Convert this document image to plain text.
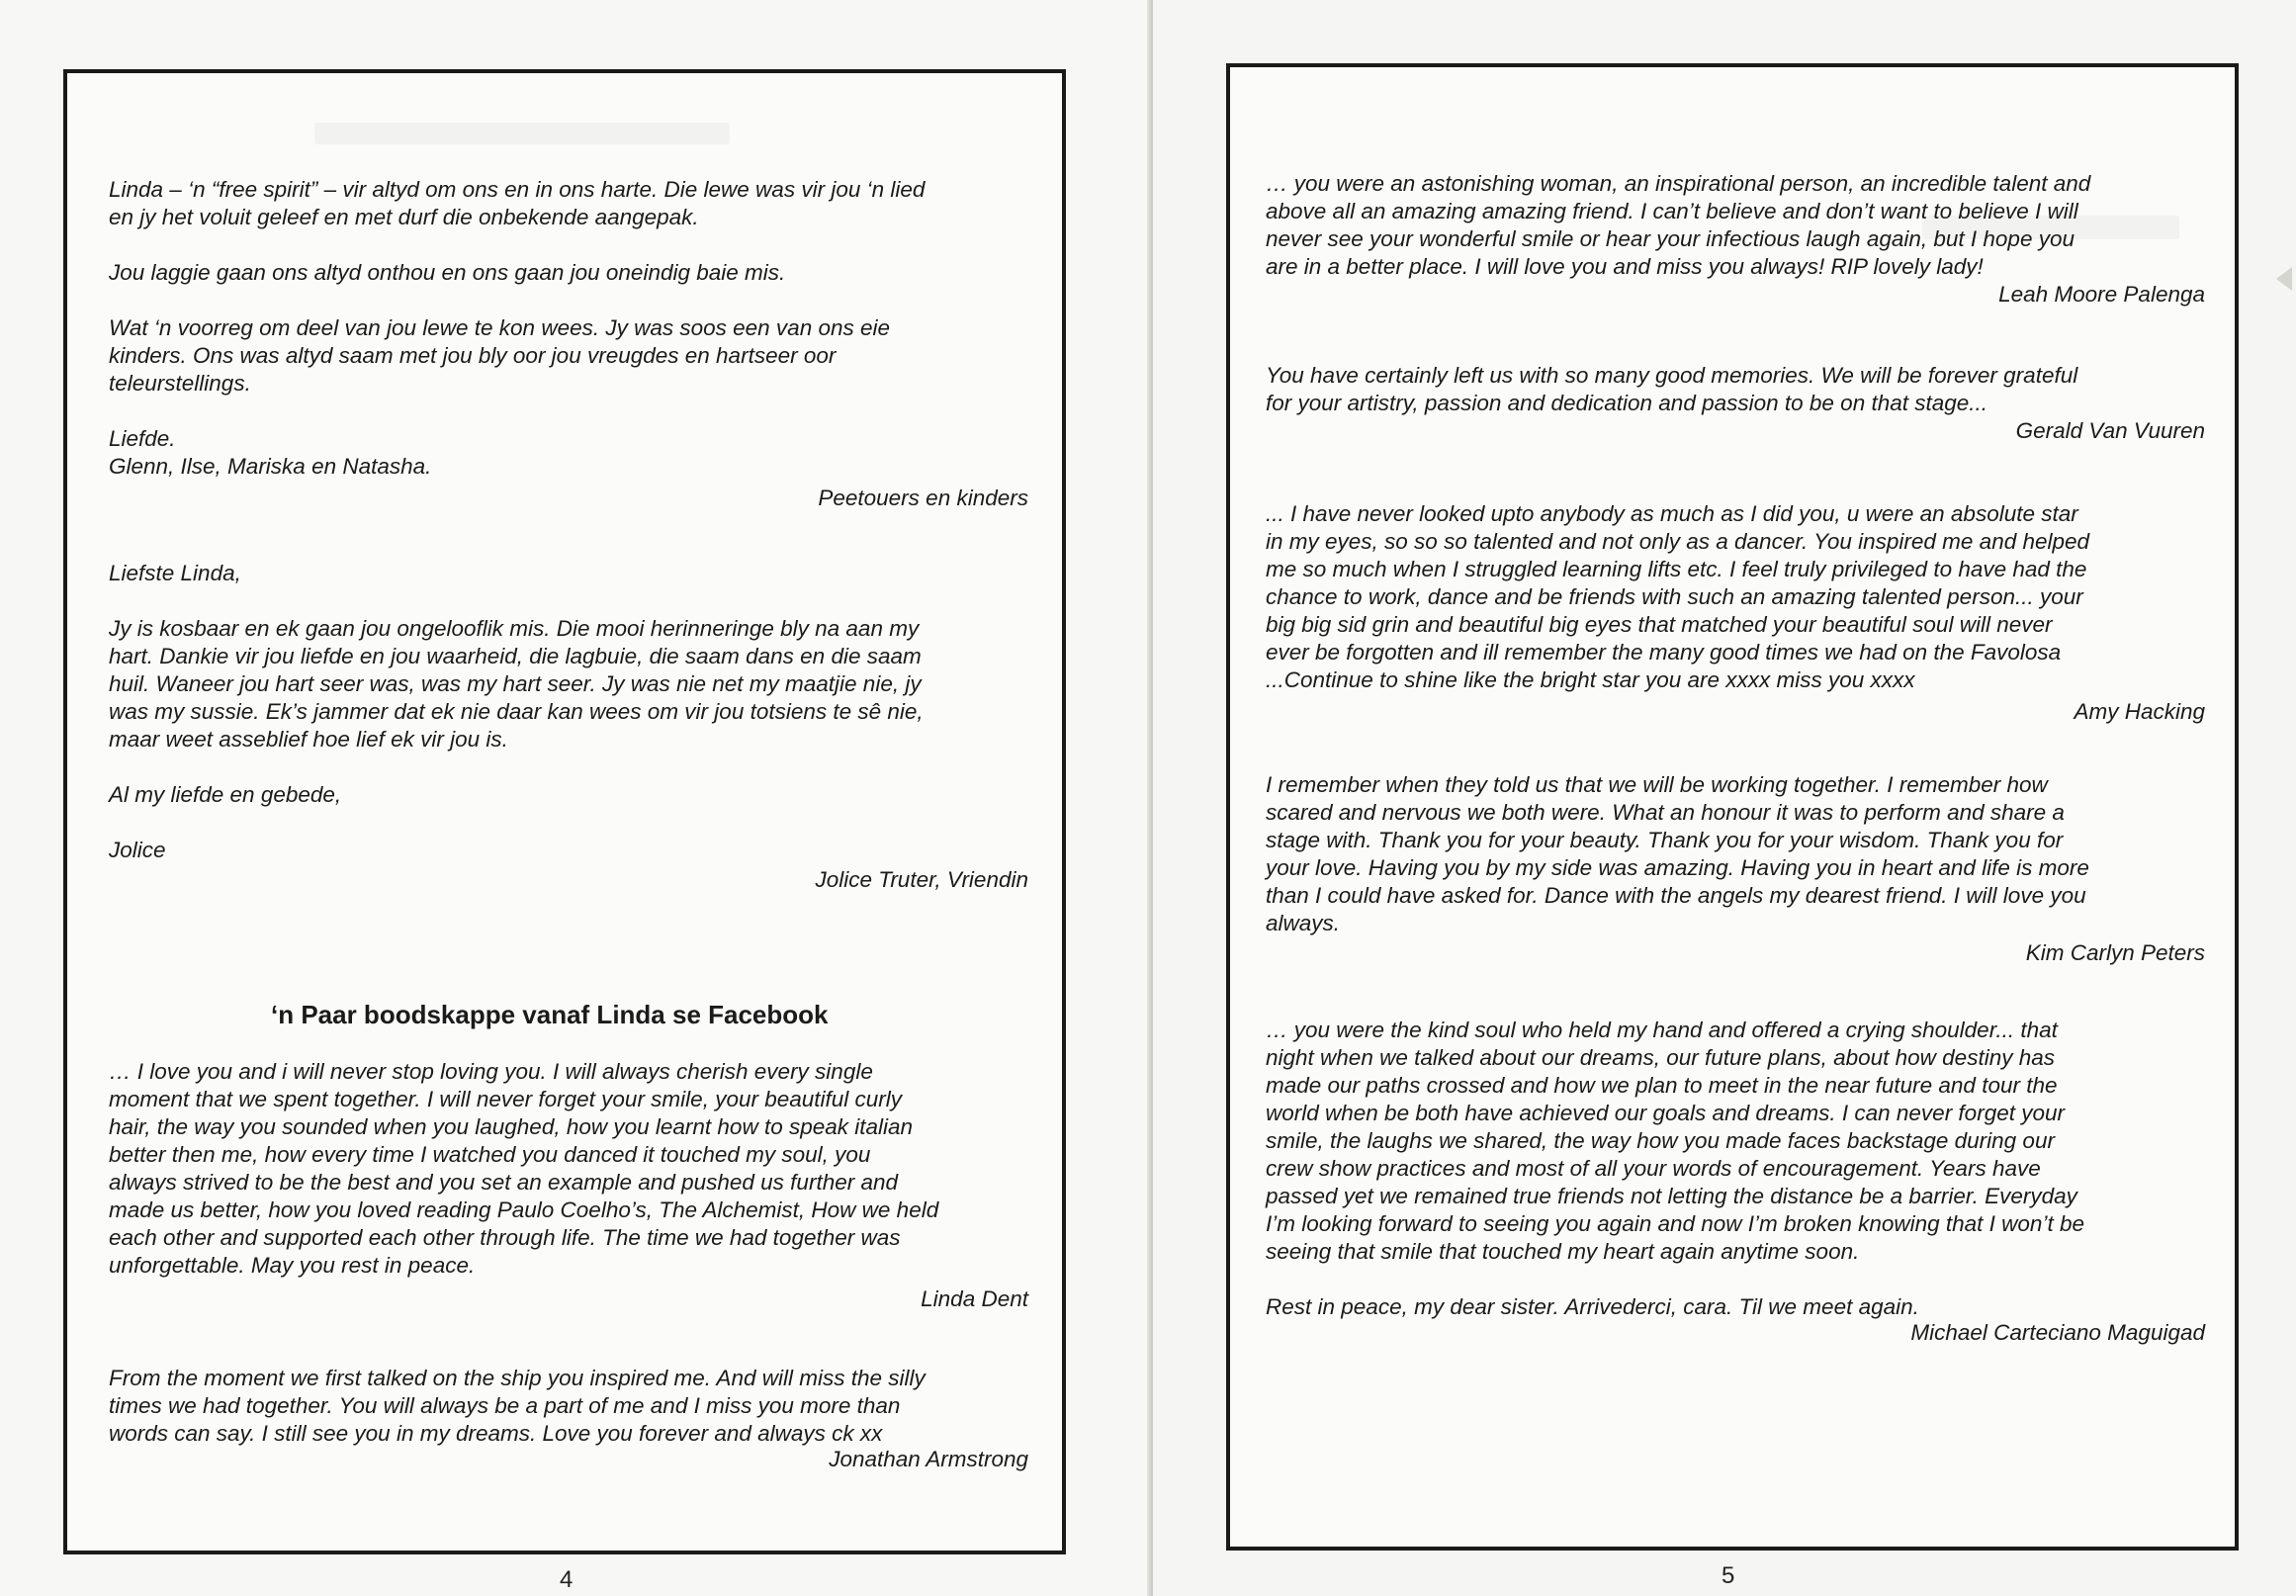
Linda – ‘n “free spirit” – vir altyd om ons en in ons harte. Die lewe was vir jou ‘n lied
en jy het voluit geleef en met durf die onbekende aangepak.

Jou laggie gaan ons altyd onthou en ons gaan jou oneindig baie mis.

Wat ‘n voorreg om deel van jou lewe te kon wees. Jy was soos een van ons eie
kinders. Ons was altyd saam met jou bly oor jou vreugdes en hartseer oor
teleurstellings.

Liefde.
Glenn, Ilse, Mariska en Natasha.

Peetouers en kinders

Liefste Linda,

Jy is kosbaar en ek gaan jou ongelooflik mis. Die mooi herinneringe bly na aan my
hart. Dankie vir jou liefde en jou waarheid, die lagbuie, die saam dans en die saam
huil. Waneer jou hart seer was, was my hart seer. Jy was nie net my maatjie nie, jy
was my sussie. Ek’s jammer dat ek nie daar kan wees om vir jou totsiens te sê nie,
maar weet asseblief hoe lief ek vir jou is.

Al my liefde en gebede,

Jolice

Jolice Truter, Vriendin

‘n Paar boodskappe vanaf Linda se Facebook

… I love you and i will never stop loving you. I will always cherish every single
moment that we spent together. I will never forget your smile, your beautiful curly
hair, the way you sounded when you laughed, how you learnt how to speak italian
better then me, how every time I watched you danced it touched my soul, you
always strived to be the best and you set an example and pushed us further and
made us better, how you loved reading Paulo Coelho’s, The Alchemist, How we held
each other and supported each other through life. The time we had together was
unforgettable. May you rest in peace.

Linda Dent

From the moment we first talked on the ship you inspired me. And will miss the silly
times we had together. You will always be a part of me and I miss you more than
words can say. I still see you in my dreams. Love you forever and always ck xx

Jonathan Armstrong

4

… you were an astonishing woman, an inspirational person, an incredible talent and
above all an amazing amazing friend. I can’t believe and don’t want to believe I will
never see your wonderful smile or hear your infectious laugh again, but I hope you
are in a better place. I will love you and miss you always! RIP lovely lady!

Leah Moore Palenga

You have certainly left us with so many good memories. We will be forever grateful
for your artistry, passion and dedication and passion to be on that stage...

Gerald Van Vuuren

... I have never looked upto anybody as much as I did you, u were an absolute star
in my eyes, so so so talented and not only as a dancer. You inspired me and helped
me so much when I struggled learning lifts etc. I feel truly privileged to have had the
chance to work, dance and be friends with such an amazing talented person... your
big big sid grin and beautiful big eyes that matched your beautiful soul will never
ever be forgotten and ill remember the many good times we had on the Favolosa
...Continue to shine like the bright star you are xxxx miss you xxxx

Amy Hacking

I remember when they told us that we will be working together. I remember how
scared and nervous we both were. What an honour it was to perform and share a
stage with. Thank you for your beauty. Thank you for your wisdom. Thank you for
your love. Having you by my side was amazing. Having you in heart and life is more
than I could have asked for. Dance with the angels my dearest friend. I will love you
always.

Kim Carlyn Peters

… you were the kind soul who held my hand and offered a crying shoulder... that
night when we talked about our dreams, our future plans, about how destiny has
made our paths crossed and how we plan to meet in the near future and tour the
world when be both have achieved our goals and dreams. I can never forget your
smile, the laughs we shared, the way how you made faces backstage during our
crew show practices and most of all your words of encouragement. Years have
passed yet we remained true friends not letting the distance be a barrier. Everyday
I’m looking forward to seeing you again and now I’m broken knowing that I won’t be
seeing that smile that touched my heart again anytime soon.

Rest in peace, my dear sister. Arrivederci, cara. Til we meet again.

Michael Carteciano Maguigad

5
